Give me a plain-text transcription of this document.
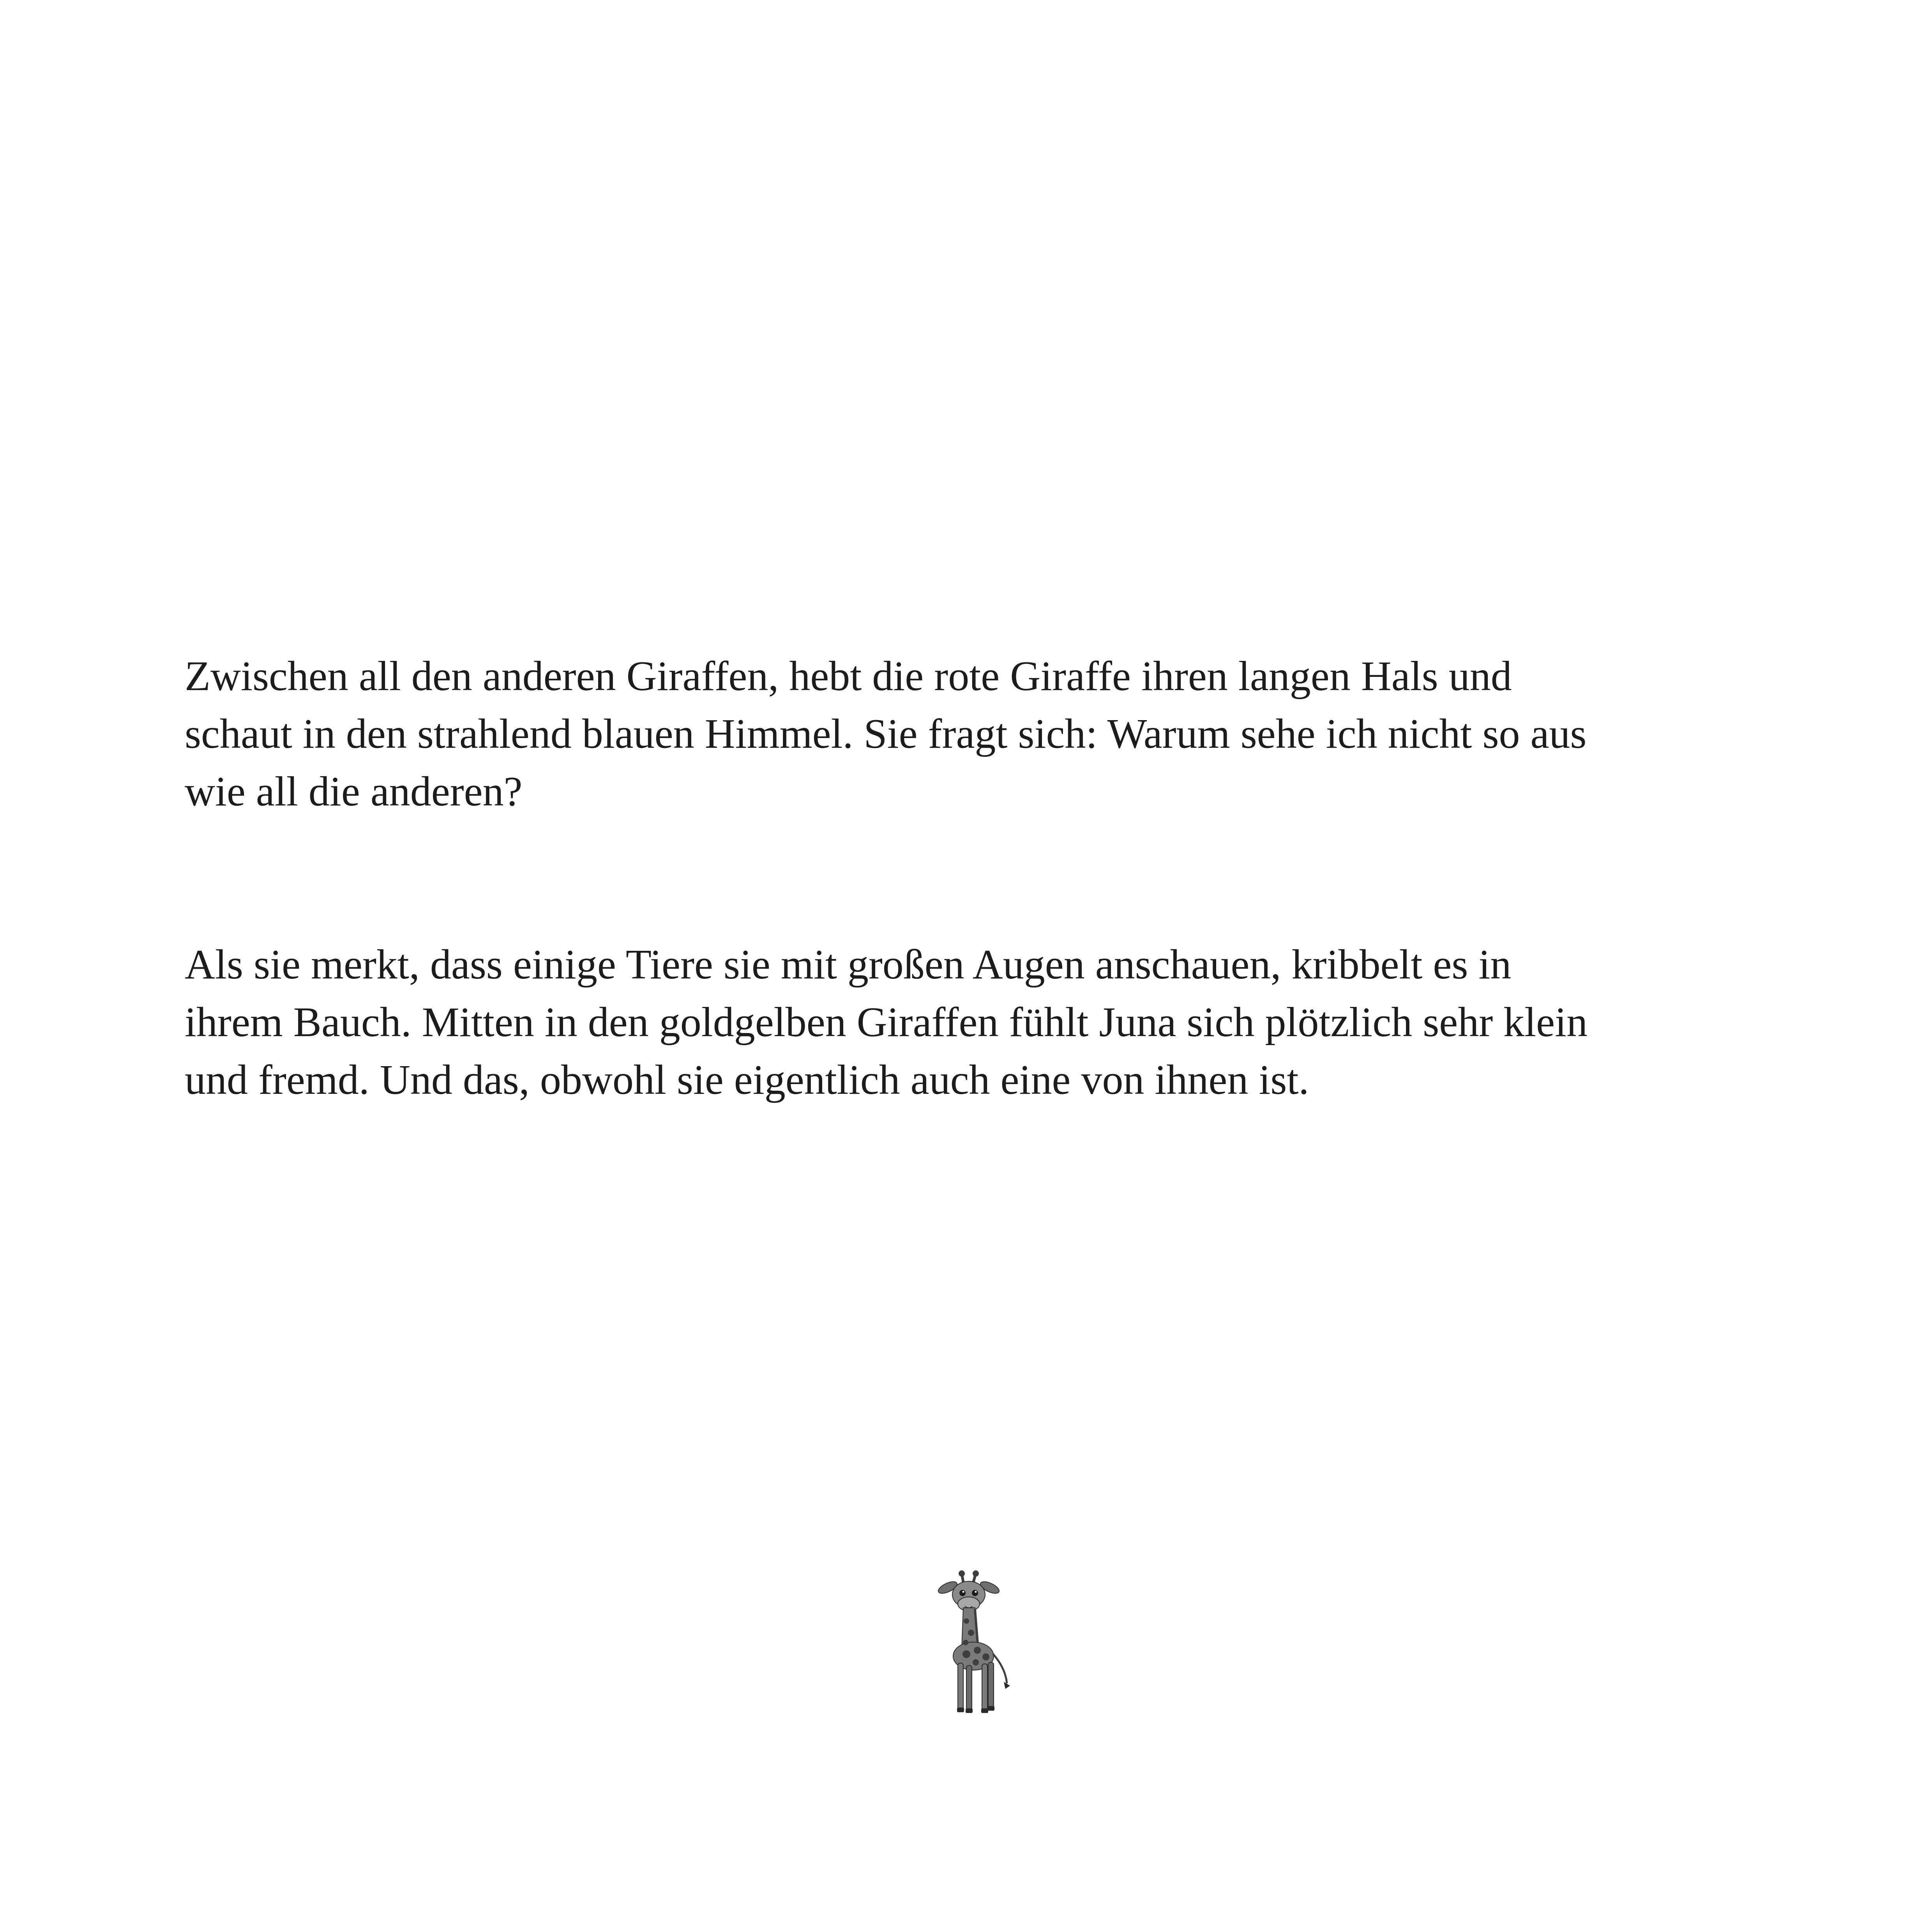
Zwischen all den anderen Giraffen, hebt die rote Giraffe ihren langen Hals und
schaut in den strahlend blauen Himmel. Sie fragt sich: Warum sehe ich nicht so aus
wie all die anderen?
Als sie merkt, dass einige Tiere sie mit großen Augen anschauen, kribbelt es in
ihrem Bauch. Mitten in den goldgelben Giraffen fühlt Juna sich plötzlich sehr klein
und fremd. Und das, obwohl sie eigentlich auch eine von ihnen ist.
